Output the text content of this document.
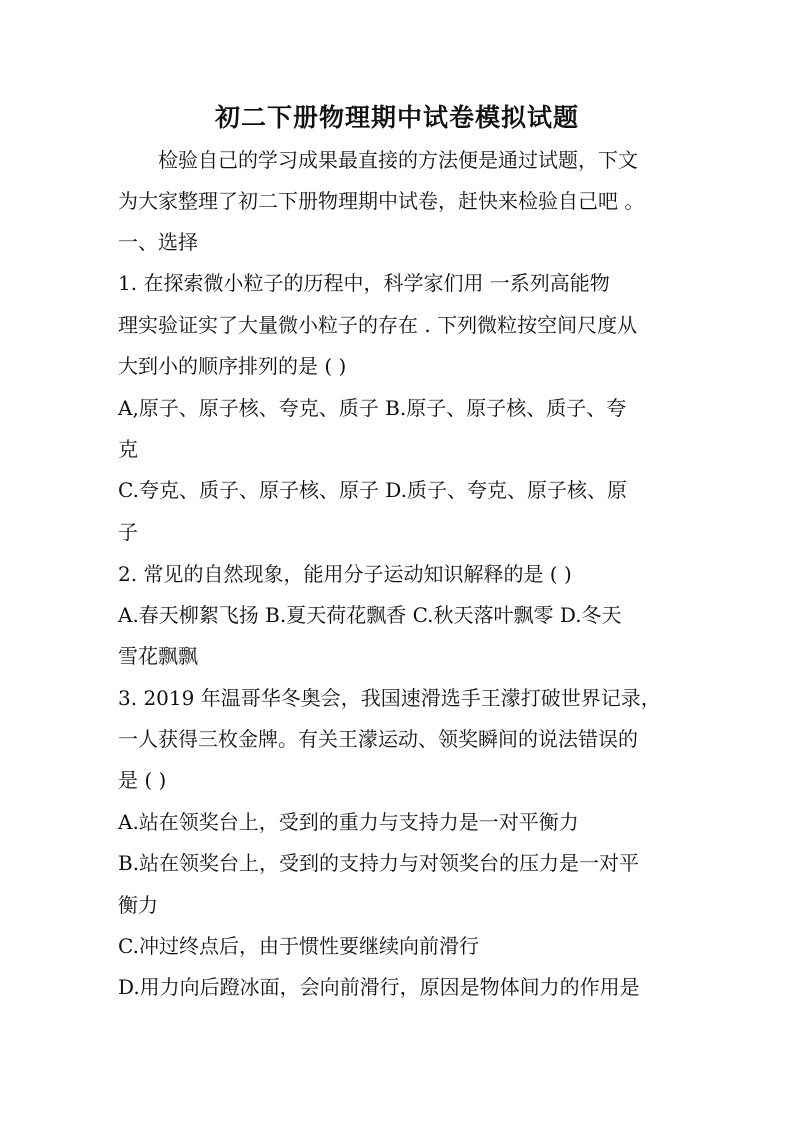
初二下册物理期中试卷模拟试题
检验自己的学习成果最直接的方法便是通过试题，下文
为大家整理了初二下册物理期中试卷，赶快来检验自己吧 。
一、选择
1. 在探索微小粒子的历程中，科学家们用 一系列高能物
理实验证实了大量微小粒子的存在 . 下列微粒按空间尺度从
大到小的顺序排列的是 ( )
A,原子、原子核、夸克、质子 B.原子、原子核、质子、夸
克
C.夸克、质子、原子核、原子 D.质子、夸克、原子核、原
子
2. 常见的自然现象，能用分子运动知识解释的是 ( )
A.春天柳絮飞扬 B.夏天荷花飘香 C.秋天落叶飘零 D.冬天
雪花飘飘
3. 2019 年温哥华冬奥会，我国速滑选手王濛打破世界记录，
一人获得三枚金牌。有关王濛运动、领奖瞬间的说法错误的
是 ( )
A.站在领奖台上，受到的重力与支持力是一对平衡力
B.站在领奖台上，受到的支持力与对领奖台的压力是一对平
衡力
C.冲过终点后，由于惯性要继续向前滑行
D.用力向后蹬冰面，会向前滑行，原因是物体间力的作用是
